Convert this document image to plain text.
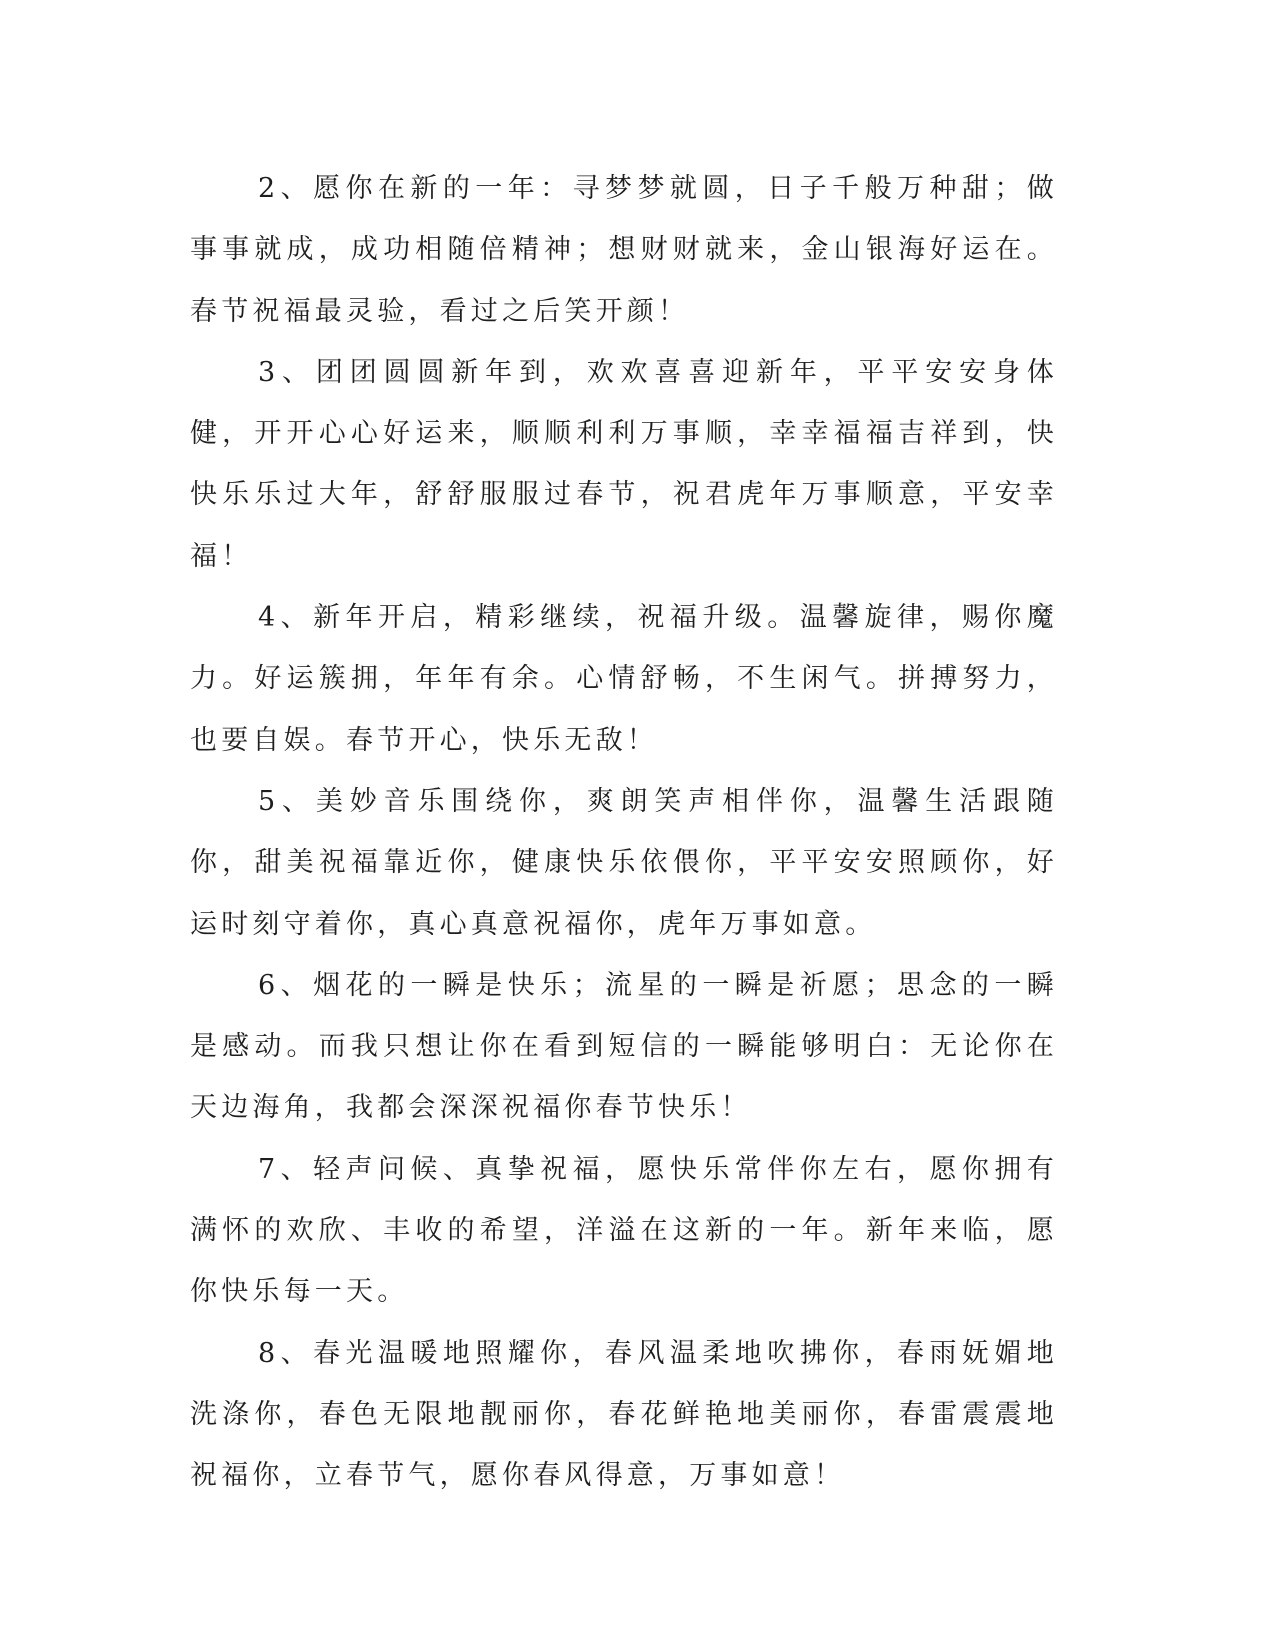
2、愿你在新的一年：寻梦梦就圆，日子千般万种甜；做事事就成，成功相随倍精神；想财财就来，金山银海好运在。春节祝福最灵验，看过之后笑开颜！

3、团团圆圆新年到，欢欢喜喜迎新年，平平安安身体健，开开心心好运来，顺顺利利万事顺，幸幸福福吉祥到，快快乐乐过大年，舒舒服服过春节，祝君虎年万事顺意，平安幸福！

4、新年开启，精彩继续，祝福升级。温馨旋律，赐你魔力。好运簇拥，年年有余。心情舒畅，不生闲气。拼搏努力，也要自娱。春节开心，快乐无敌！

5、美妙音乐围绕你，爽朗笑声相伴你，温馨生活跟随你，甜美祝福靠近你，健康快乐依偎你，平平安安照顾你，好运时刻守着你，真心真意祝福你，虎年万事如意。

6、烟花的一瞬是快乐；流星的一瞬是祈愿；思念的一瞬是感动。而我只想让你在看到短信的一瞬能够明白：无论你在天边海角，我都会深深祝福你春节快乐！

7、轻声问候、真挚祝福，愿快乐常伴你左右，愿你拥有满怀的欢欣、丰收的希望，洋溢在这新的一年。新年来临，愿你快乐每一天。

8、春光温暖地照耀你，春风温柔地吹拂你，春雨妩媚地洗涤你，春色无限地靓丽你，春花鲜艳地美丽你，春雷震震地祝福你，立春节气，愿你春风得意，万事如意！
